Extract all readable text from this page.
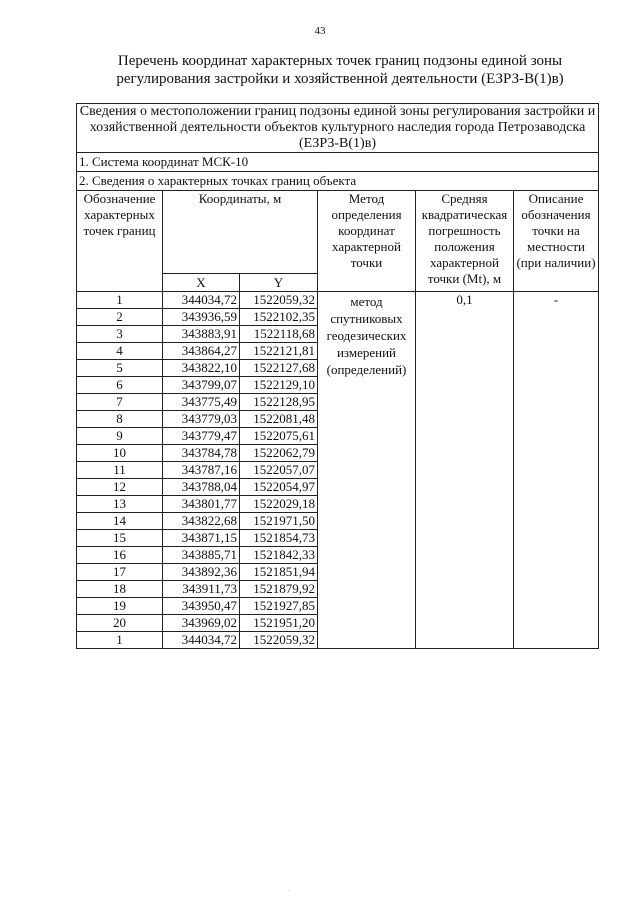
43
Перечень координат характерных точек границ подзоны единой зоны
регулирования застройки и хозяйственной деятельности (ЕЗРЗ-В(1)в)
Сведения о местоположении границ подзоны единой зоны регулирования застройки и хозяйственной деятельности объектов культурного наследия города Петрозаводска (ЕЗРЗ-В(1)в)					
1. Система координат МСК-10					
2. Сведения о характерных точках границ объекта					
Обозначение характерных точек границ	Координаты, м		Метод определения координат характерной точки	Средняя квадратическая погрешность положения характерной точки (Mt), м	Описание обозначения точки на местности (при наличии)
	X	Y			
1	344034,72	1522059,32	метод спутниковых геодезических измерений (определений)	0,1	-
2	343936,59	1522102,35			
3	343883,91	1522118,68			
4	343864,27	1522121,81			
5	343822,10	1522127,68			
6	343799,07	1522129,10			
7	343775,49	1522128,95			
8	343779,03	1522081,48			
9	343779,47	1522075,61			
10	343784,78	1522062,79			
11	343787,16	1522057,07			
12	343788,04	1522054,97			
13	343801,77	1522029,18			
14	343822,68	1521971,50			
15	343871,15	1521854,73			
16	343885,71	1521842,33			
17	343892,36	1521851,94			
18	343911,73	1521879,92			
19	343950,47	1521927,85			
20	343969,02	1521951,20			
1	344034,72	1522059,32			
·
